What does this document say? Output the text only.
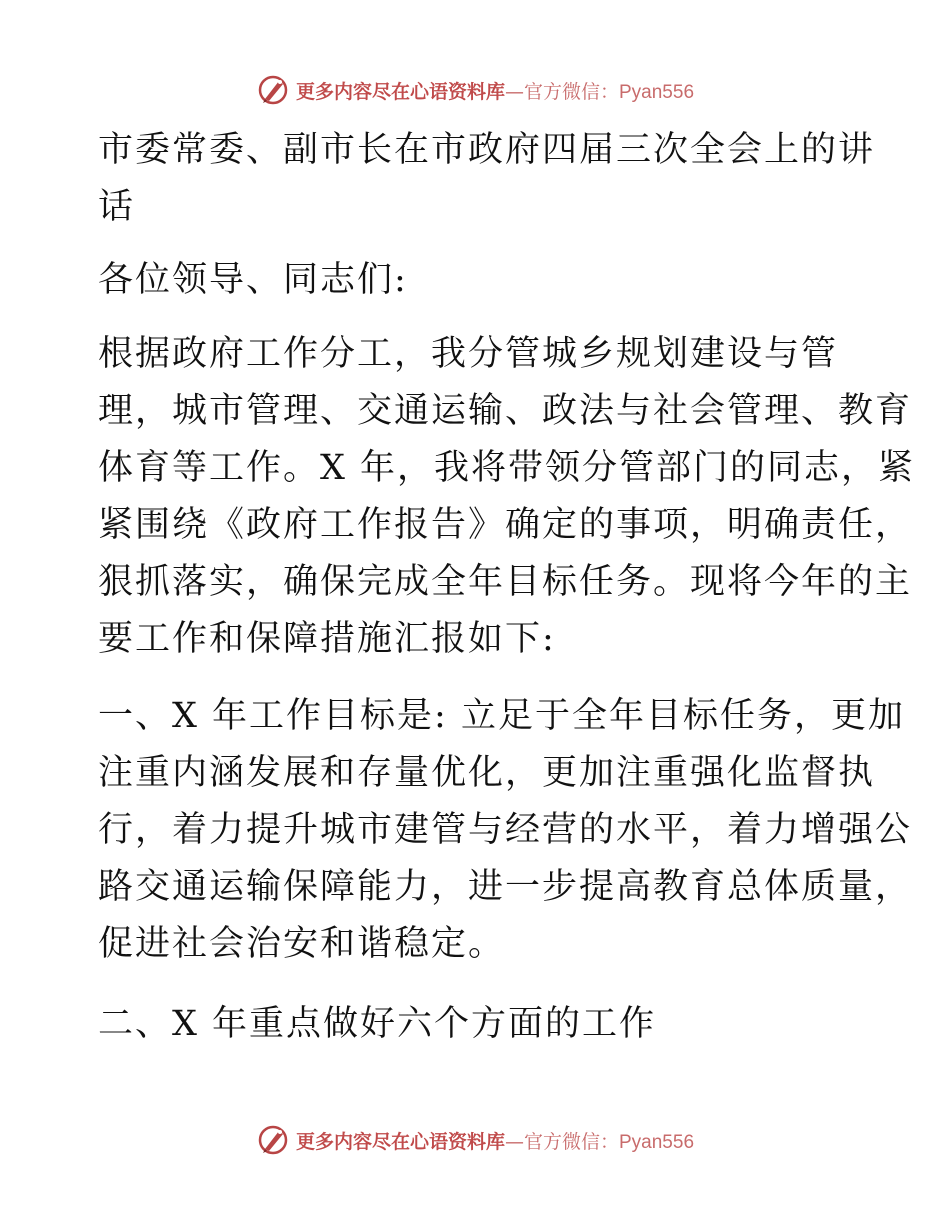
更多内容尽在心语资料库—官方微信：Pyan556
市委常委、副市长在市政府四届三次全会上的讲
话
各位领导、同志们:
根据政府工作分工，我分管城乡规划建设与管
理，城市管理、交通运输、政法与社会管理、教育
体育等工作。X 年，我将带领分管部门的同志，紧
紧围绕《政府工作报告》确定的事项，明确责任，
狠抓落实，确保完成全年目标任务。现将今年的主
要工作和保障措施汇报如下:
一、X 年工作目标是: 立足于全年目标任务，更加
注重内涵发展和存量优化，更加注重强化监督执
行，着力提升城市建管与经营的水平，着力增强公
路交通运输保障能力，进一步提高教育总体质量，
促进社会治安和谐稳定。
二、X 年重点做好六个方面的工作
更多内容尽在心语资料库—官方微信：Pyan556
